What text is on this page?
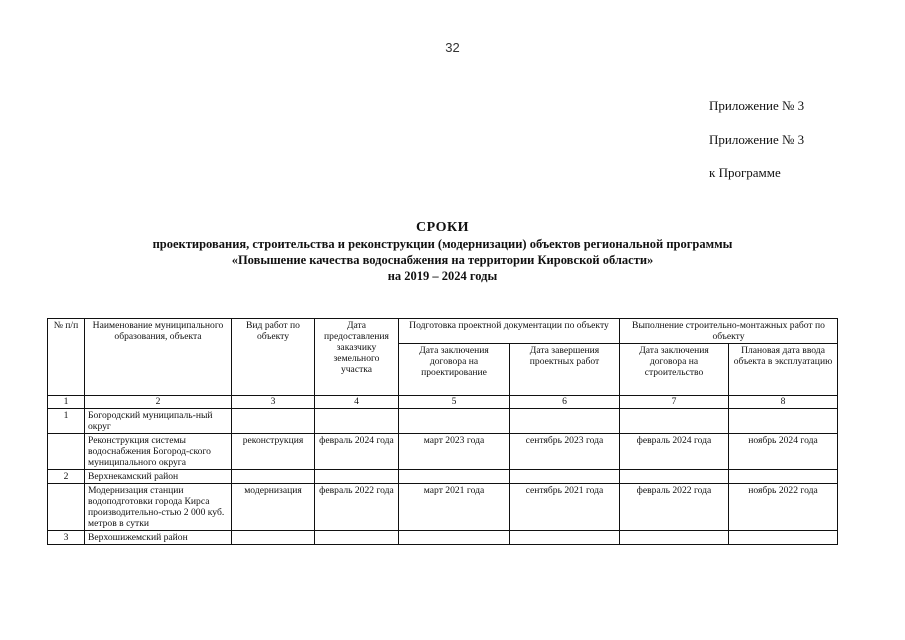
32
Приложение № 3
Приложение № 3
к Программе
СРОКИ
проектирования, строительства и реконструкции (модернизации) объектов региональной программы
«Повышение качества водоснабжения на территории Кировской области»
на 2019 – 2024 годы
№ п/п	Наименование муниципального образования, объекта	Вид работ по объекту	Дата предоставления заказчику земельного участка	Подготовка проектной документации по объекту		Выполнение строительно-монтажных работ по объекту	
				Дата заключения договора на проектирование	Дата завершения проектных работ	Дата заключения договора на строительство	Плановая дата ввода объекта в эксплуатацию
1	2	3	4	5	6	7	8
1	Богородский муниципаль-ный округ						
	Реконструкция системы водоснабжения Богород-ского муниципального округа	реконструкция	февраль 2024 года	март 2023 года	сентябрь 2023 года	февраль 2024 года	ноябрь 2024 года
2	Верхнекамский район						
	Модернизация станции водоподготовки города Кирса производительно-стью 2 000 куб. метров в сутки	модернизация	февраль 2022 года	март 2021 года	сентябрь 2021 года	февраль 2022 года	ноябрь 2022 года
3	Верхошижемский район						
